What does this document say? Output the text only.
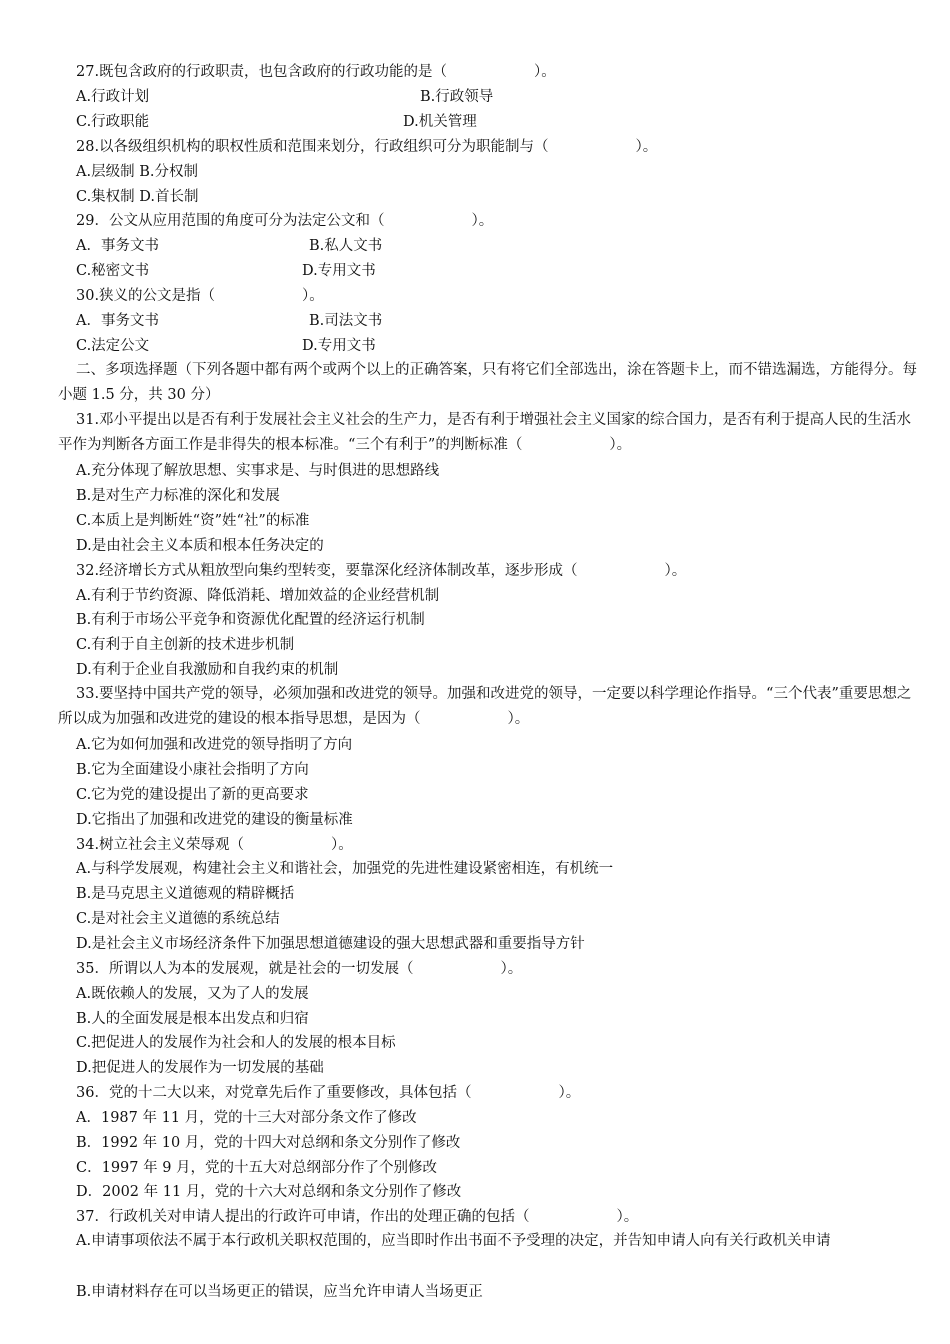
27.既包含政府的行政职责，也包含政府的行政功能的是（　　　　　　）。
A.行政计划	B.行政领导
C.行政职能	D.机关管理
28.以各级组织机构的职权性质和范围来划分，行政组织可分为职能制与（　　　　　　）。
A.层级制 B.分权制
C.集权制 D.首长制
29．公文从应用范围的角度可分为法定公文和（　　　　　　）。
A．事务文书	B.私人文书
C.秘密文书	D.专用文书
30.狭义的公文是指（　　　　　　）。
A．事务文书	B.司法文书
C.法定公文	D.专用文书
二、多项选择题（下列各题中都有两个或两个以上的正确答案，只有将它们全部选出，涂在答题卡上，而不错选漏选，方能得分。每小题 1.5 分，共 30 分）
31.邓小平提出以是否有利于发展社会主义社会的生产力，是否有利于增强社会主义国家的综合国力，是否有利于提高人民的生活水平作为判断各方面工作是非得失的根本标准。“三个有利于”的判断标准（　　　　　　）。
A.充分体现了解放思想、实事求是、与时俱进的思想路线
B.是对生产力标准的深化和发展
C.本质上是判断姓“资”姓“社”的标准
D.是由社会主义本质和根本任务决定的
32.经济增长方式从粗放型向集约型转变，要靠深化经济体制改革，逐步形成（　　　　　　）。
A.有利于节约资源、降低消耗、增加效益的企业经营机制
B.有利于市场公平竞争和资源优化配置的经济运行机制
C.有利于自主创新的技术进步机制
D.有利于企业自我激励和自我约束的机制
33.要坚持中国共产党的领导，必须加强和改进党的领导。加强和改进党的领导，一定要以科学理论作指导。“三个代表”重要思想之所以成为加强和改进党的建设的根本指导思想，是因为（　　　　　　）。
A.它为如何加强和改进党的领导指明了方向
B.它为全面建设小康社会指明了方向
C.它为党的建设提出了新的更高要求
D.它指出了加强和改进党的建设的衡量标准
34.树立社会主义荣辱观（　　　　　　）。
A.与科学发展观，构建社会主义和谐社会，加强党的先进性建设紧密相连，有机统一
B.是马克思主义道德观的精辟概括
C.是对社会主义道德的系统总结
D.是社会主义市场经济条件下加强思想道德建设的强大思想武器和重要指导方针
35．所谓以人为本的发展观，就是社会的一切发展（　　　　　　）。
A.既依赖人的发展，又为了人的发展
B.人的全面发展是根本出发点和归宿
C.把促进人的发展作为社会和人的发展的根本目标
D.把促进人的发展作为一切发展的基础
36．党的十二大以来，对党章先后作了重要修改，具体包括（　　　　　　）。
A．1987 年 11 月，党的十三大对部分条文作了修改
B．1992 年 10 月，党的十四大对总纲和条文分别作了修改
C．1997 年 9 月，党的十五大对总纲部分作了个别修改
D．2002 年 11 月，党的十六大对总纲和条文分别作了修改
37．行政机关对申请人提出的行政许可申请，作出的处理正确的包括（　　　　　　）。
A.申请事项依法不属于本行政机关职权范围的，应当即时作出书面不予受理的决定，并告知申请人向有关行政机关申请
B.申请材料存在可以当场更正的错误，应当允许申请人当场更正
